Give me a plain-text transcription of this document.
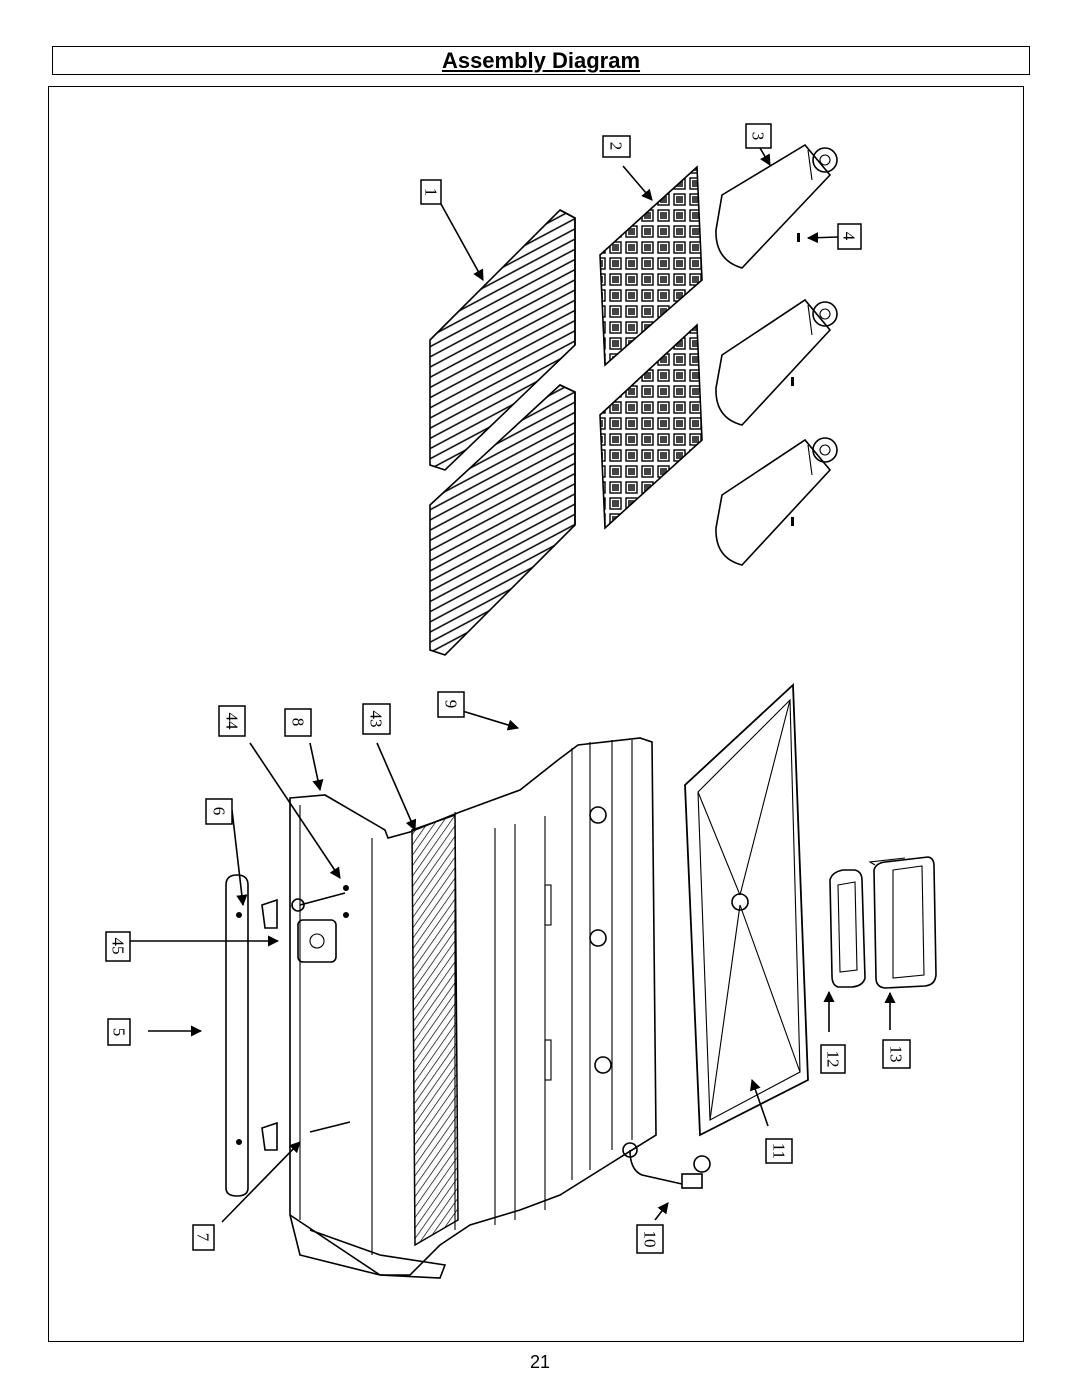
Assembly Diagram
1
2
3
4
5
6
7
8
9
10
11
12	13
43
44
45
21
